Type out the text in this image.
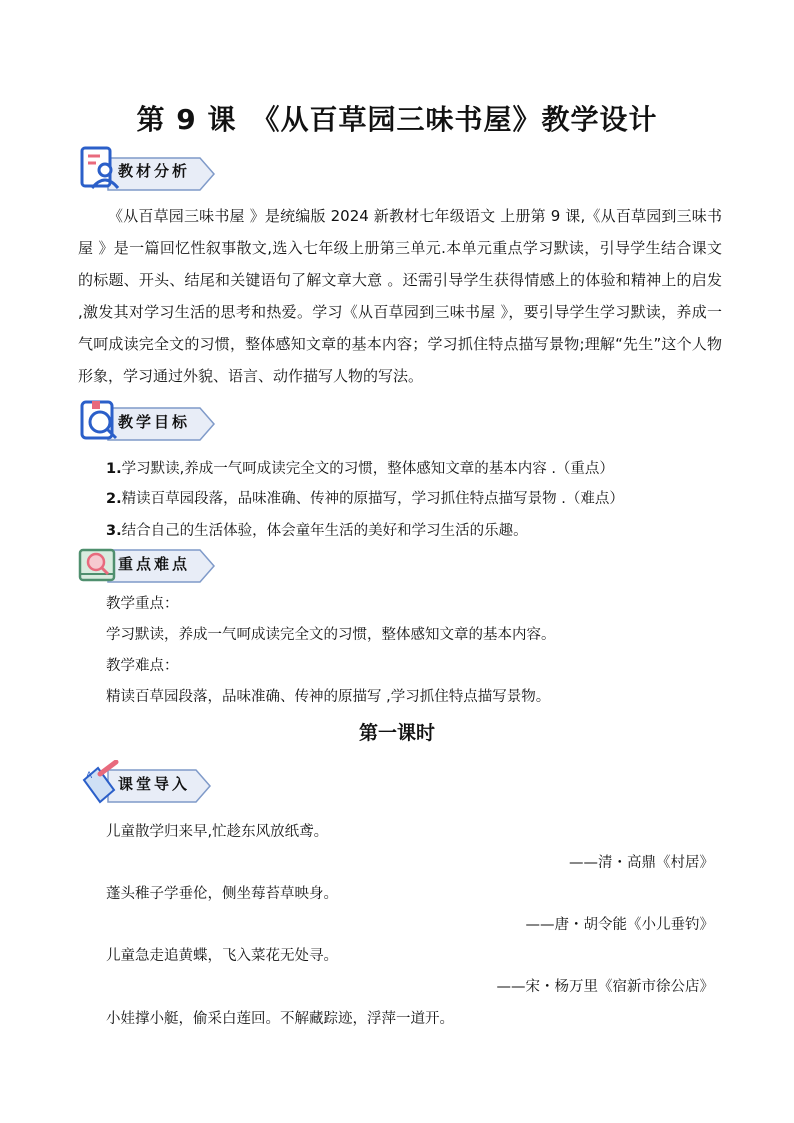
第 9 课　《从百草园三味书屋》教学设计
教材分析
《从百草园三味书屋 》是统编版 2024 新教材七年级语文 上册第 9 课,《从百草园到三味书屋 》是一篇回忆性叙事散文,选入七年级上册第三单元.本单元重点学习默读，引导学生结合课文的标题、开头、结尾和关键语句了解文章大意 。还需引导学生获得情感上的体验和精神上的启发 ,激发其对学习生活的思考和热爱。学习《从百草园到三味书屋 》，要引导学生学习默读，养成一气呵成读完全文的习惯，整体感知文章的基本内容；学习抓住特点描写景物;理解“先生”这个人物形象，学习通过外貌、语言、动作描写人物的写法。
教学目标
1.学习默读,养成一气呵成读完全文的习惯，整体感知文章的基本内容 .（重点）
2.精读百草园段落，品味准确、传神的原描写，学习抓住特点描写景物 .（难点）
3.结合自己的生活体验，体会童年生活的美好和学习生活的乐趣。
重点难点
教学重点：
学习默读，养成一气呵成读完全文的习惯，整体感知文章的基本内容。
教学难点：
精读百草园段落，品味准确、传神的原描写 ,学习抓住特点描写景物。
第一课时
A 课堂导入
儿童散学归来早,忙趁东风放纸鸢。
——清・高鼎《村居》
蓬头稚子学垂伦，侧坐莓苔草映身。
——唐・胡令能《小儿垂钓》
儿童急走追黄蝶，飞入菜花无处寻。
——宋・杨万里《宿新市徐公店》
小娃撑小艇，偷采白莲回。不解藏踪迹，浮萍一道开。
